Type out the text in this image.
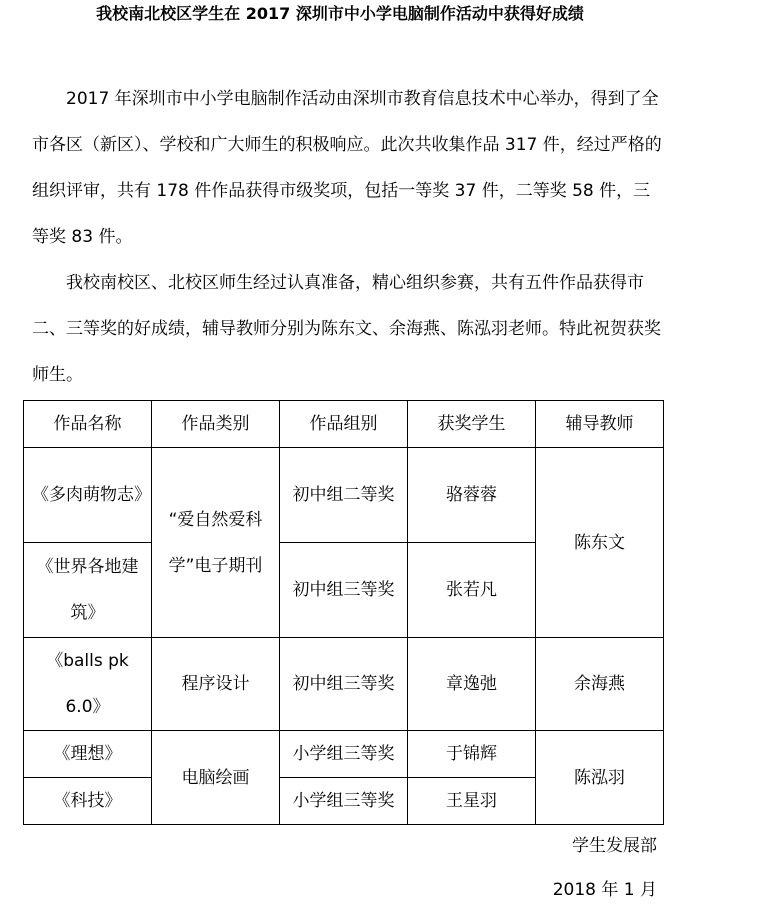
我校南北校区学生在 2017 深圳市中小学电脑制作活动中获得好成绩

2017 年深圳市中小学电脑制作活动由深圳市教育信息技术中心举办，得到了全市各区（新区）、学校和广大师生的积极响应。此次共收集作品 317 件，经过严格的组织评审，共有 178 件作品获得市级奖项，包括一等奖 37 件，二等奖 58 件，三等奖 83 件。

我校南校区、北校区师生经过认真准备，精心组织参赛，共有五件作品获得市二、三等奖的好成绩，辅导教师分别为陈东文、余海燕、陈泓羽老师。特此祝贺获奖师生。

作品名称	作品类别	作品组别	获奖学生	辅导教师
《多肉萌物志》	“爱自然爱科学”电子期刊	初中组二等奖	骆蓉蓉	陈东文
《世界各地建筑》		初中组三等奖	张若凡	
《balls pk 6.0》	程序设计	初中组三等奖	章逸弛	余海燕
《理想》	电脑绘画	小学组三等奖	于锦辉	陈泓羽
《科技》		小学组三等奖	王星羽	
学生发展部
2018 年 1 月
